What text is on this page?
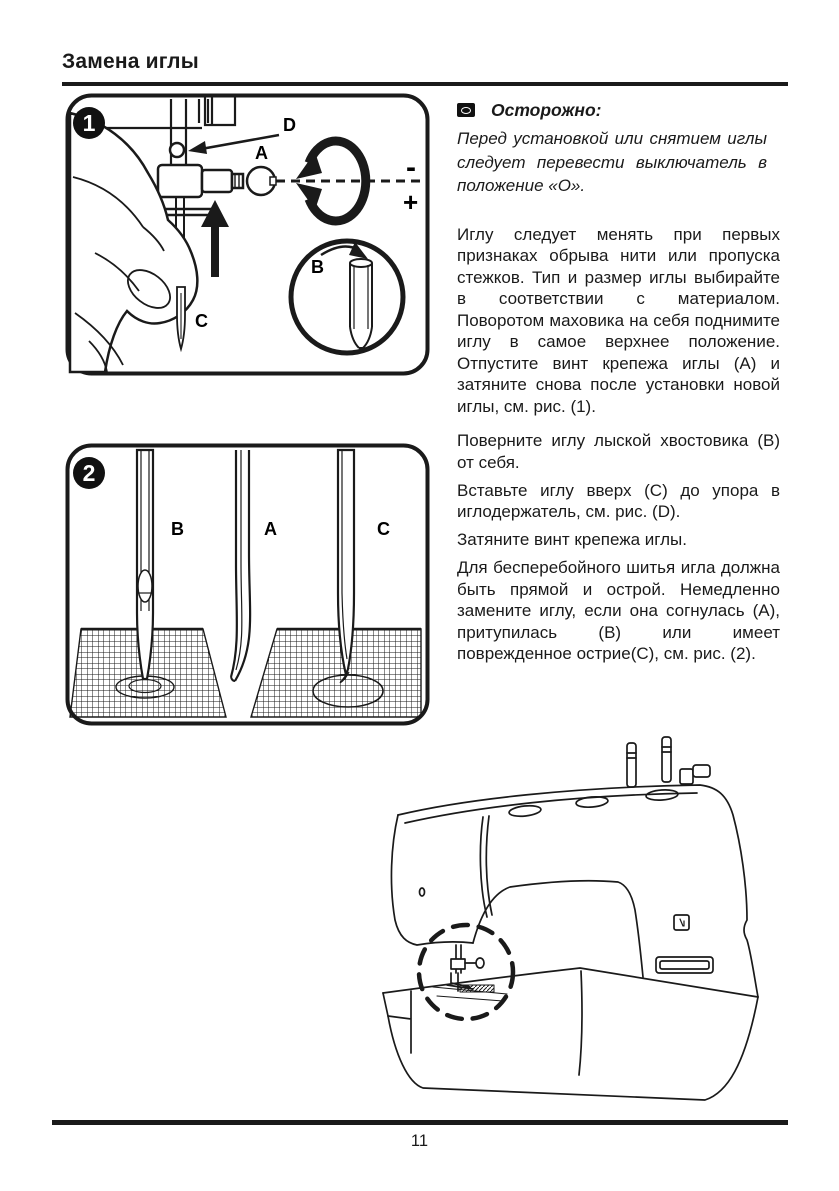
Замена иглы
-
+
D
A
C
B
1
B	A	C
2
Осторожно:
Перед установкой или снятием иглы следует перевести выключатель в положение «О».
Иглу следует менять при первых признаках обрыва нити или пропуска стежков. Тип и размер иглы выбирайте в соответствии с материалом. Поворотом маховика на себя поднимите иглу в самое верхнее положение. Отпустите винт крепежа иглы (А) и затяните снова после установки новой иглы, см. рис. (1).
Поверните иглу лыской хвостовика (В) от себя.
Вставьте иглу вверх (С) до упора в иглодержатель, см. рис. (D).
Затяните винт крепежа иглы.
Для бесперебойного шитья игла должна быть прямой и острой. Немедленно замените иглу, если она согнулась (А), притупилась (В) или имеет поврежденное острие(С), см. рис. (2).
11
